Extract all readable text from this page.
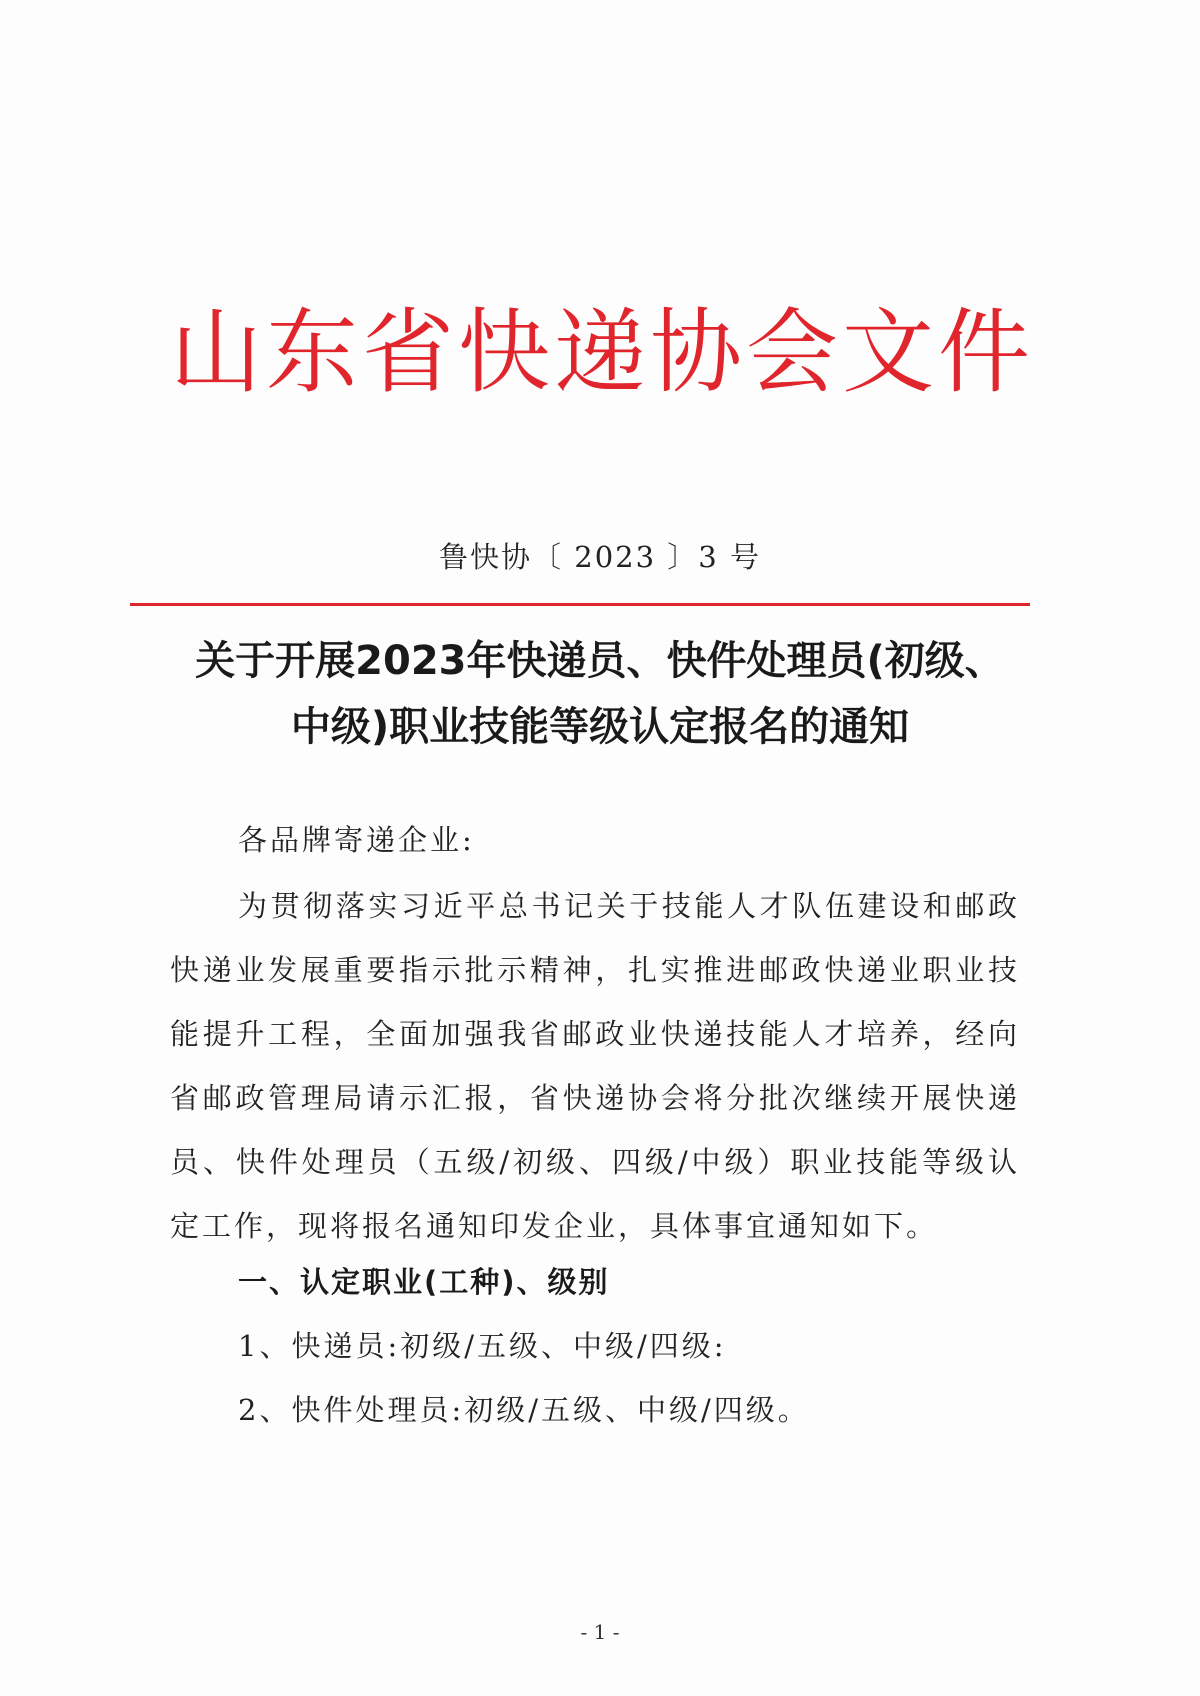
山东省快递协会文件
鲁快协〔 2023 〕3 号
关于开展2023年快递员、快件处理员(初级、
中级)职业技能等级认定报名的通知
各品牌寄递企业:
为贯彻落实习近平总书记关于技能人才队伍建设和邮政快递业发展重要指示批示精神，扎实推进邮政快递业职业技能提升工程，全面加强我省邮政业快递技能人才培养，经向省邮政管理局请示汇报，省快递协会将分批次继续开展快递员、快件处理员（五级/初级、四级/中级）职业技能等级认定工作，现将报名通知印发企业，具体事宜通知如下。
一、认定职业(工种)、级别
1、快递员:初级/五级、中级/四级:
2、快件处理员:初级/五级、中级/四级。
- 1 -
